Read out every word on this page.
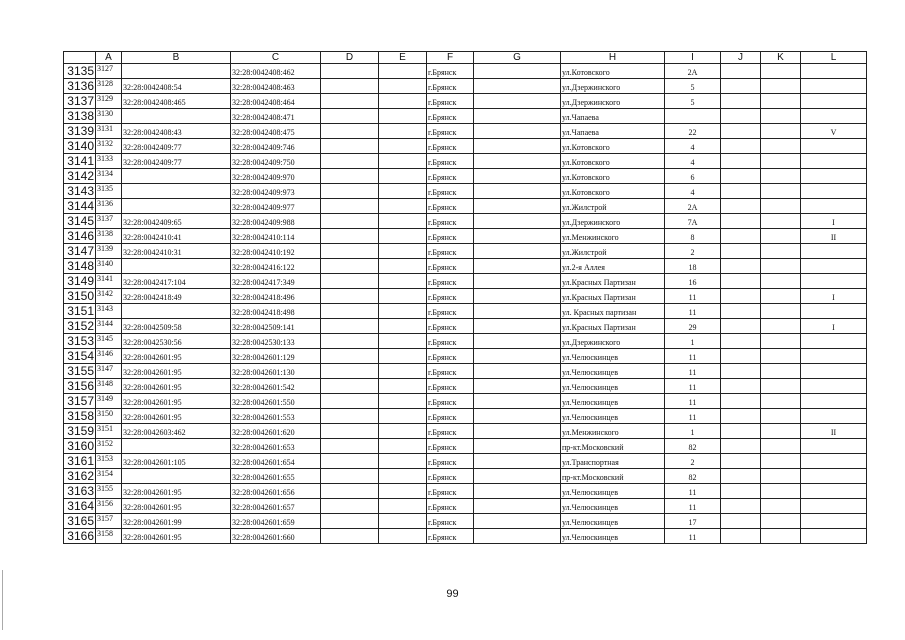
	A	B	C	D	E	F	G	H	I	J	K	L
3135	3127		32:28:0042408:462			г.Брянск		ул.Котовского	2А			
3136	3128	32:28:0042408:54	32:28:0042408:463			г.Брянск		ул.Дзержинского	5			
3137	3129	32:28:0042408:465	32:28:0042408:464			г.Брянск		ул.Дзержинского	5			
3138	3130		32:28:0042408:471			г.Брянск		ул.Чапаева				
3139	3131	32:28:0042408:43	32:28:0042408:475			г.Брянск		ул.Чапаева	22			V
3140	3132	32:28:0042409:77	32:28:0042409:746			г.Брянск		ул.Котовского	4			
3141	3133	32:28:0042409:77	32:28:0042409:750			г.Брянск		ул.Котовского	4			
3142	3134		32:28:0042409:970			г.Брянск		ул.Котовского	6			
3143	3135		32:28:0042409:973			г.Брянск		ул.Котовского	4			
3144	3136		32:28:0042409:977			г.Брянск		ул.Жилстрой	2А			
3145	3137	32:28:0042409:65	32:28:0042409:988			г.Брянск		ул.Дзержинского	7А			I
3146	3138	32:28:0042410:41	32:28:0042410:114			г.Брянск		ул.Менжинского	8			II
3147	3139	32:28:0042410:31	32:28:0042410:192			г.Брянск		ул.Жилстрой	2			
3148	3140		32:28:0042416:122			г.Брянск		ул.2-я Аллея	18			
3149	3141	32:28:0042417:104	32:28:0042417:349			г.Брянск		ул.Красных Партизан	16			
3150	3142	32:28:0042418:49	32:28:0042418:496			г.Брянск		ул.Красных Партизан	11			I
3151	3143		32:28:0042418:498			г.Брянск		ул. Красных партизан	11			
3152	3144	32:28:0042509:58	32:28:0042509:141			г.Брянск		ул.Красных Партизан	29			I
3153	3145	32:28:0042530:56	32:28:0042530:133			г.Брянск		ул.Дзержинского	1			
3154	3146	32:28:0042601:95	32:28:0042601:129			г.Брянск		ул.Челюскинцев	11			
3155	3147	32:28:0042601:95	32:28:0042601:130			г.Брянск		ул.Челюскинцев	11			
3156	3148	32:28:0042601:95	32:28:0042601:542			г.Брянск		ул.Челюскинцев	11			
3157	3149	32:28:0042601:95	32:28:0042601:550			г.Брянск		ул.Челюскинцев	11			
3158	3150	32:28:0042601:95	32:28:0042601:553			г.Брянск		ул.Челюскинцев	11			
3159	3151	32:28:0042603:462	32:28:0042601:620			г.Брянск		ул.Менжинского	1			II
3160	3152		32:28:0042601:653			г.Брянск		пр-кт.Московский	82			
3161	3153	32:28:0042601:105	32:28:0042601:654			г.Брянск		ул.Транспортная	2			
3162	3154		32:28:0042601:655			г.Брянск		пр-кт.Московский	82			
3163	3155	32:28:0042601:95	32:28:0042601:656			г.Брянск		ул.Челюскинцев	11			
3164	3156	32:28:0042601:95	32:28:0042601:657			г.Брянск		ул.Челюскинцев	11			
3165	3157	32:28:0042601:99	32:28:0042601:659			г.Брянск		ул.Челюскинцев	17			
3166	3158	32:28:0042601:95	32:28:0042601:660			г.Брянск		ул.Челюскинцев	11			
99
